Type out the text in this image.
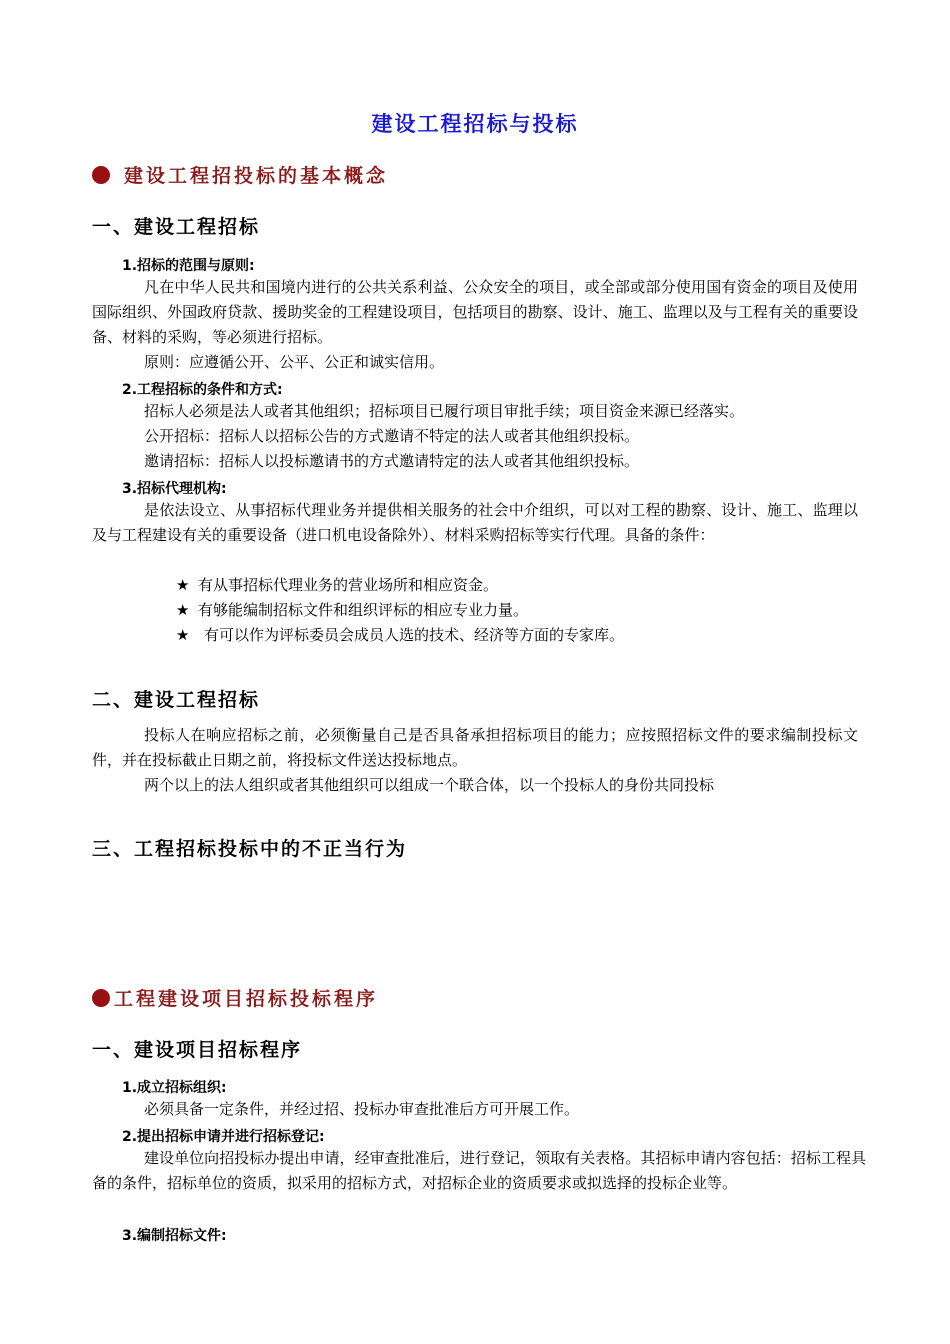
建设工程招标与投标
建设工程招投标的基本概念
一、建设工程招标
1.招标的范围与原则:
凡在中华人民共和国境内进行的公共关系利益、公众安全的项目，或全部或部分使用国有资金的项目及使用国际组织、外国政府贷款、援助奖金的工程建设项目，包括项目的勘察、设计、施工、监理以及与工程有关的重要设备、材料的采购，等必须进行招标。
原则：应遵循公开、公平、公正和诚实信用。
2.工程招标的条件和方式:
招标人必须是法人或者其他组织；招标项目已履行项目审批手续；项目资金来源已经落实。
公开招标：招标人以招标公告的方式邀请不特定的法人或者其他组织投标。
邀请招标：招标人以投标邀请书的方式邀请特定的法人或者其他组织投标。
3.招标代理机构:
是依法设立、从事招标代理业务并提供相关服务的社会中介组织，可以对工程的勘察、设计、施工、监理以及与工程建设有关的重要设备（进口机电设备除外）、材料采购招标等实行代理。具备的条件：
★ 有从事招标代理业务的营业场所和相应资金。
★ 有够能编制招标文件和组织评标的相应专业力量。
★ 有可以作为评标委员会成员人选的技术、经济等方面的专家库。
二、建设工程招标
投标人在响应招标之前，必须衡量自己是否具备承担招标项目的能力；应按照招标文件的要求编制投标文件，并在投标截止日期之前，将投标文件送达投标地点。
两个以上的法人组织或者其他组织可以组成一个联合体，以一个投标人的身份共同投标
三、工程招标投标中的不正当行为
工程建设项目招标投标程序
一、建设项目招标程序
1.成立招标组织:
必须具备一定条件，并经过招、投标办审查批准后方可开展工作。
2.提出招标申请并进行招标登记:
建设单位向招投标办提出申请，经审查批准后，进行登记，领取有关表格。其招标申请内容包括：招标工程具备的条件，招标单位的资质，拟采用的招标方式，对招标企业的资质要求或拟选择的投标企业等。
3.编制招标文件:
